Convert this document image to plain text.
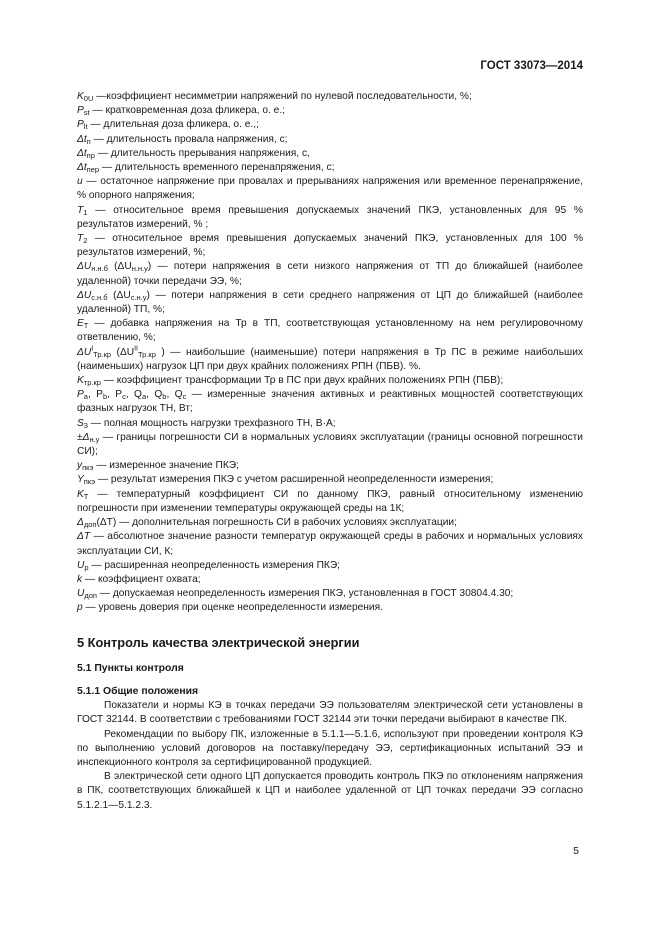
ГОСТ 33073—2014

$K_{0U}$ —коэффициент несимметрии напряжений по нулевой последовательности, %;

$P_{st}$ — кратковременная доза фликера, о. е.;

$P_{lt}$ — длительная доза фликера, о. е.,;

$\Delta t_п$ — длительность провала напряжения, с;

$\Delta t_{пр}$ — длительность прерывания напряжения, с,

$\Delta t_{пер}$ — длительность временного перенапряжения, с;

u — остаточное напряжение при провалах и прерываниях напряжения или временное перенапряжение, % опорного напряжения;

$T_1$ — относительное время превышения допускаемых значений ПКЭ, установленных для 95 % результатов измерений, % ;

$T_2$ — относительное время превышения допускаемых значений ПКЭ, установленных для 100 % результатов измерений, %;

$\Delta U_{н.н.б}$ $(\Delta U_{н.н.у})$ — потери напряжения в сети низкого напряжения от ТП до ближайшей (наиболее удаленной) точки передачи ЭЭ, %;

$\Delta U_{с.н.б}$ $(\Delta U_{с.н.у})$ — потери напряжения в сети среднего напряжения от ЦП до ближайшей (наиболее удаленной) ТП, %;

$E_T$ — добавка напряжения на Тр в ТП, соответствующая установленному на нем регулировочному ответвлению, %;

$\Delta U^I_{Тр.кр}$ ($\Delta U^{II}_{Тр.кр}$ ) — наибольшие (наименьшие) потери напряжения в Тр ПС в режиме наибольших (наименьших) нагрузок ЦП при двух крайних положениях РПН (ПБВ). %.

$K_{тр.кр}$ — коэффициент трансформации Тр в ПС при двух крайних положениях РПН (ПБВ);

$P_a$, $P_b$, $P_c$, $Q_a$, $Q_b$, $Q_c$ — измеренные значения активных и реактивных мощностей соответствующих фазных нагрузок ТН, Вт;

$S_3$ — полная мощность нагрузки трехфазного ТН, В·А;

$\pm\Delta_{н.у}$ — границы погрешности СИ в нормальных условиях эксплуатации (границы основной погрешности СИ);

$y_{пкэ}$ — измеренное значение ПКЭ;

$Y_{пкэ}$ — результат измерения ПКЭ с учетом расширенной неопределенности измерения;

$K_T$ — температурный коэффициент СИ по данному ПКЭ, равный относительному изменению погрешности при изменении температуры окружающей среды на 1К;

$\Delta_{доп}(\Delta T)$ — дополнительная погрешность СИ в рабочих условиях эксплуатации;

ΔT — абсолютное значение разности температур окружающей среды в рабочих и нормальных условиях эксплуатации СИ, К;

$U_p$ — расширенная неопределенность измерения ПКЭ;

k — коэффициент охвата;

$U_{доп}$ — допускаемая неопределенность измерения ПКЭ, установленная в ГОСТ 30804.4.30;

p — уровень доверия при оценке неопределенности измерения.

5 Контроль качества электрической энергии
5.1 Пункты контроля
5.1.1 Общие положения

Показатели и нормы КЭ в точках передачи ЭЭ пользователям электрической сети установлены в ГОСТ 32144. В соответствии с требованиями ГОСТ 32144 эти точки передачи выбирают в качестве ПК.

Рекомендации по выбору ПК, изложенные в 5.1.1—5.1.6, используют при проведении контроля КЭ по выполнению условий договоров на поставку/передачу ЭЭ, сертификационных испытаний ЭЭ и инспекционного контроля за сертифицированной продукцией.

В электрической сети одного ЦП допускается проводить контроль ПКЭ по отклонениям напряжения в ПК, соответствующих ближайшей к ЦП и наиболее удаленной от ЦП точках передачи ЭЭ согласно 5.1.2.1—5.1.2.3.

5
